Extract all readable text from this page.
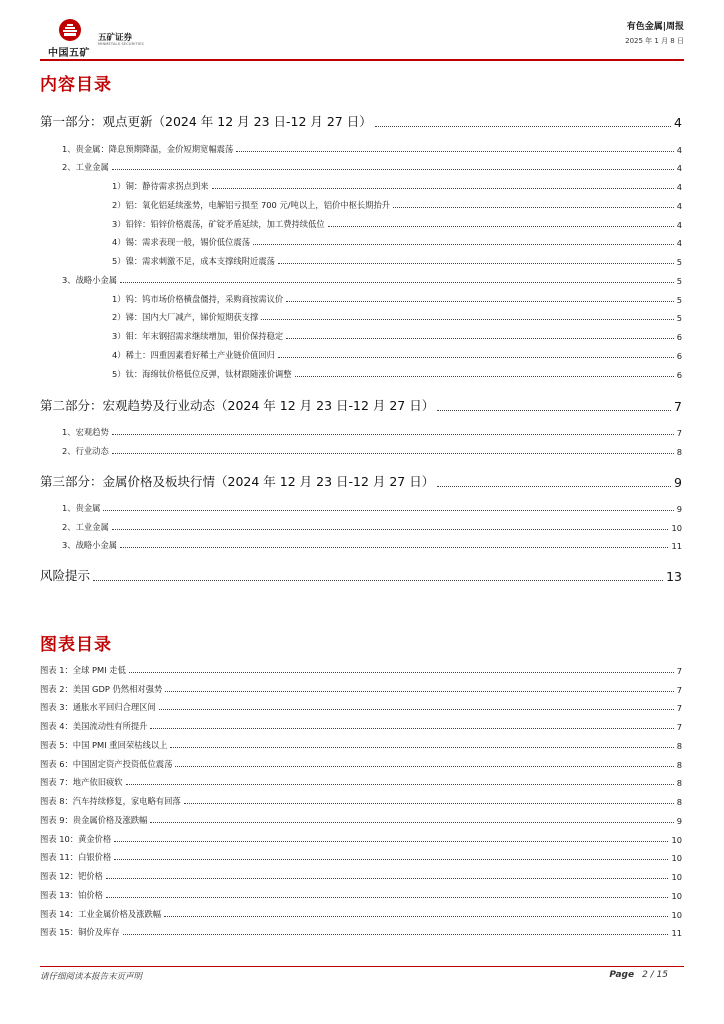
中国五矿
五矿证券
MINMETALS SECURITIES
有色金属|周报
2025 年 1 月 8 日
内容目录
第一部分：观点更新（2024 年 12 月 23 日-12 月 27 日）	4
1、贵金属：降息预期降温，金价短期宽幅震荡	4
2、工业金属	4
1）铜：静待需求拐点到来	4
2）铝：氧化铝延续涨势，电解铝亏损至 700 元/吨以上，铝价中枢长期抬升	4
3）铅锌：铅锌价格震荡，矿锭矛盾延续，加工费持续低位	4
4）锡：需求表现一般，锡价低位震荡	4
5）镍：需求刺激不足，成本支撑线附近震荡	5
3、战略小金属	5
1）钨：钨市场价格横盘僵持，采购商按需议价	5
2）锑：国内大厂减产，锑价短期获支撑	5
3）钼：年末钢招需求继续增加，钼价保持稳定	6
4）稀土：四重因素看好稀土产业链价值回归	6
5）钛：海绵钛价格低位反弹，钛材跟随涨价调整	6
第二部分：宏观趋势及行业动态（2024 年 12 月 23 日-12 月 27 日）	7
1、宏观趋势	7
2、行业动态	8
第三部分：金属价格及板块行情（2024 年 12 月 23 日-12 月 27 日）	9
1、贵金属	9
2、工业金属	10
3、战略小金属	11
风险提示	13
图表目录
图表 1：全球 PMI 走低	7
图表 2：美国 GDP 仍然相对强势	7
图表 3：通胀水平回归合理区间	7
图表 4：美国流动性有所提升	7
图表 5：中国 PMI 重回荣枯线以上	8
图表 6：中国固定资产投资低位震荡	8
图表 7：地产依旧疲软	8
图表 8：汽车持续修复，家电略有回落	8
图表 9：贵金属价格及涨跌幅	9
图表 10：黄金价格	10
图表 11：白银价格	10
图表 12：钯价格	10
图表 13：铂价格	10
图表 14：工业金属价格及涨跌幅	10
图表 15：铜价及库存	11
请仔细阅读本报告末页声明	Page 2 / 15
